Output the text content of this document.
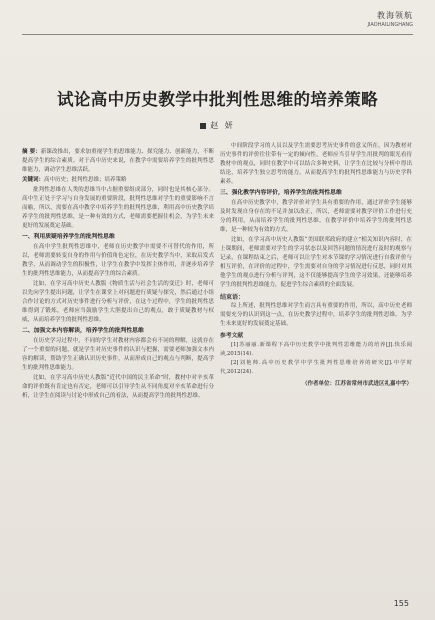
教海领航
JIAOHAILINGHANG
试论高中历史教学中批判性思维的培养策略
赵 妍

摘 要：新课改推出，要求加重视学生的思维能力、探究能力、创新能力，不断提高学生的综合素质。对于高中历史来说，在教学中需要培养学生的批判性思维能力，调动学生思维活跃。

关键词：高中历史；批判性思维；培养策略

批判性思维在人类的思维当中占据重要组成部分，同时也是其核心部分。高中生正处于学习与自身发展的重要阶段，批判性思维对学生的重要影响不言而喻，所以，需要在高中教学中培养学生的批判性思维，利用高中历史教学培养学生的批判性思维，是一种有效的方式，老师需要把握住机会，为学生未来更好的发展奠定基础。

一、利用质疑培养学生的批判性思维

在高中学生批判性思维中，老师在历史教学中需要不可替代的作用，所以，老师需要转变自身的作用与价值角色定位，在历史教学当中，采取启发式教学，从而调动学生的积极性，让学生在教学中发挥主体作用，并逐步培养学生的批判性思维能力，从而提高学生的综合素质。

比如，在学习高中历史人教版《物质生活与社会生活的变迁》时，老师可以先向学生提出问题，让学生在课堂上对问题进行质疑与探究，然后通过小组合作讨论的方式对历史事件进行分析与评价，在这个过程中，学生的批判性思维得到了锻炼，老师应当鼓励学生大胆提出自己的观点，敢于质疑教材与权威，从而培养学生的批判性思维。

二、加强文本内容解读，培养学生的批判性思维

在历史学习过程中，不同的学生对教材内容都会有不同的理解，这就存在了一个重要的问题，就是学生对历史事件的认识与把握，需要老师加强文本内容的解读，帮助学生正确认识历史事件，从而形成自己的观点与判断，提高学生的批判性思维能力。

比如，在学习高中历史人教版“近代中国的民主革命”时，教材中对辛亥革命的评价既有肯定也有否定，老师可以引导学生从不同角度对辛亥革命进行分析，让学生在阅读与讨论中形成自己的看法，从而提高学生的批判性思维。

中间阶段学习的人员以及学生需要思考历史事件的意义所在，因为教材对历史事件的评价往往带有一定的倾向性，老师应当引导学生用批判的眼光看待教材中的观点，同时在教学中可以结合多种史料，让学生在比较与分析中得出结论，培养学生独立思考的能力，从而提高学生的批判性思维能力与历史学科素养。

三、强化教学内容评价，培养学生的批判性思维

在高中历史教学中，教学评价对学生具有重要的作用，通过评价学生能够及时发现自身存在的不足并加以改正，所以，老师需要对教学评价工作进行充分的利用，从而培养学生的批判性思维。在教学评价中培养学生的批判性思维，是一种较为有效的方式。

比如，在学习高中历史人教版“美国联邦政府的建立”相关知识内容时，在上课期间，老师需要对学生的学习状态以及回答问题的情况进行及时的观察与记录，在课程结束之后，老师可以让学生对本节课的学习情况进行自我评价与相互评价，在评价的过程中，学生需要对自身的学习情况进行反思，同时对其他学生的观点进行分析与评判，这不仅能够提高学生的学习效果，还能够培养学生的批判性思维能力，促进学生综合素质的全面发展。

结束语：

综上所述，批判性思维对学生而言具有重要的作用，所以，高中历史老师需要充分的认识到这一点，在历史教学过程中，培养学生的批判性思维，为学生未来更好的发展奠定基础。

参考文献

[1]苏丽丽.新课程下高中历史教学中批判性思维能力的培养[J].快乐阅读,2015(14).

[2]刘艳帅.高中历史教学中学生批判性思维培养的研究[J].中学时代,2012(24).

（作者单位：江苏省常州市武进区礼嘉中学）
155
